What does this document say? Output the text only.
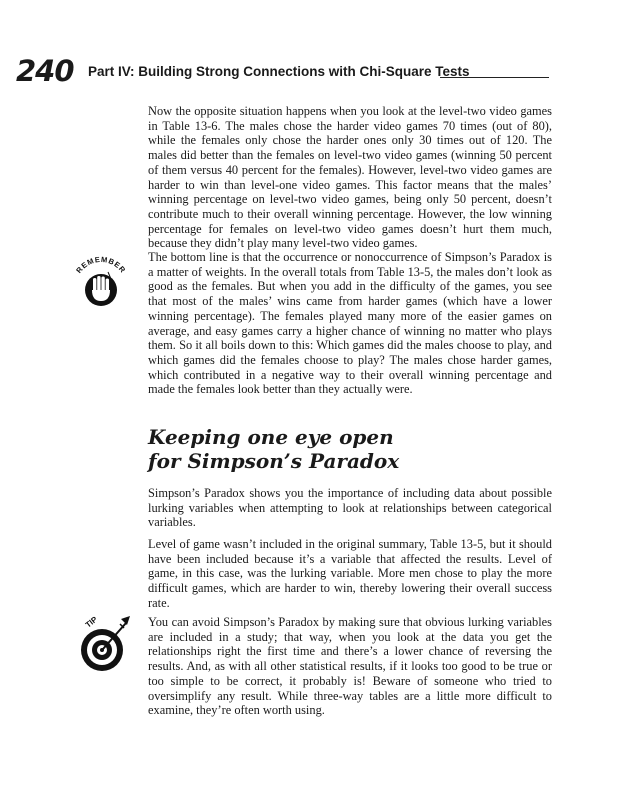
240 Part IV: Building Strong Connections with Chi-Square Tests

Now the opposite situation happens when you look at the level-two video games in Table 13-6. The males chose the harder video games 70 times (out of 80), while the females only chose the harder ones only 30 times out of 120. The males did better than the females on level-two video games (winning 50 percent of them versus 40 percent for the females). However, level-two video games are harder to win than level-one video games. This factor means that the males’ winning percentage on level-two video games, being only 50 percent, doesn’t contribute much to their overall winning percentage. However, the low winning percentage for females on level-two video games doesn’t hurt them much, because they didn’t play many level-two video games.

REMEMBER

The bottom line is that the occurrence or nonoccurrence of Simpson’s Paradox is a matter of weights. In the overall totals from Table 13-5, the males don’t look as good as the females. But when you add in the difficulty of the games, you see that most of the males’ wins came from harder games (which have a lower winning percentage). The females played many more of the easier games on average, and easy games carry a higher chance of winning no matter who plays them. So it all boils down to this: Which games did the males choose to play, and which games did the females choose to play? The males chose harder games, which contributed in a negative way to their overall winning percentage and made the females look better than they actually were.

Keeping one eye open
for Simpson’s Paradox

Simpson’s Paradox shows you the importance of including data about possible lurking variables when attempting to look at relationships between categorical variables.

Level of game wasn’t included in the original summary, Table 13-5, but it should have been included because it’s a variable that affected the results. Level of game, in this case, was the lurking variable. More men chose to play the more difficult games, which are harder to win, thereby lowering their overall success rate.

TIP	You can avoid Simpson’s Paradox by making sure that obvious lurking variables are included in a study; that way, when you look at the data you get the relationships right the first time and there’s a lower chance of reversing the results. And, as with all other statistical results, if it looks too good to be true or too simple to be correct, it probably is! Beware of someone who tried to oversimplify any result. While three-way tables are a little more difficult to examine, they’re often worth using.
